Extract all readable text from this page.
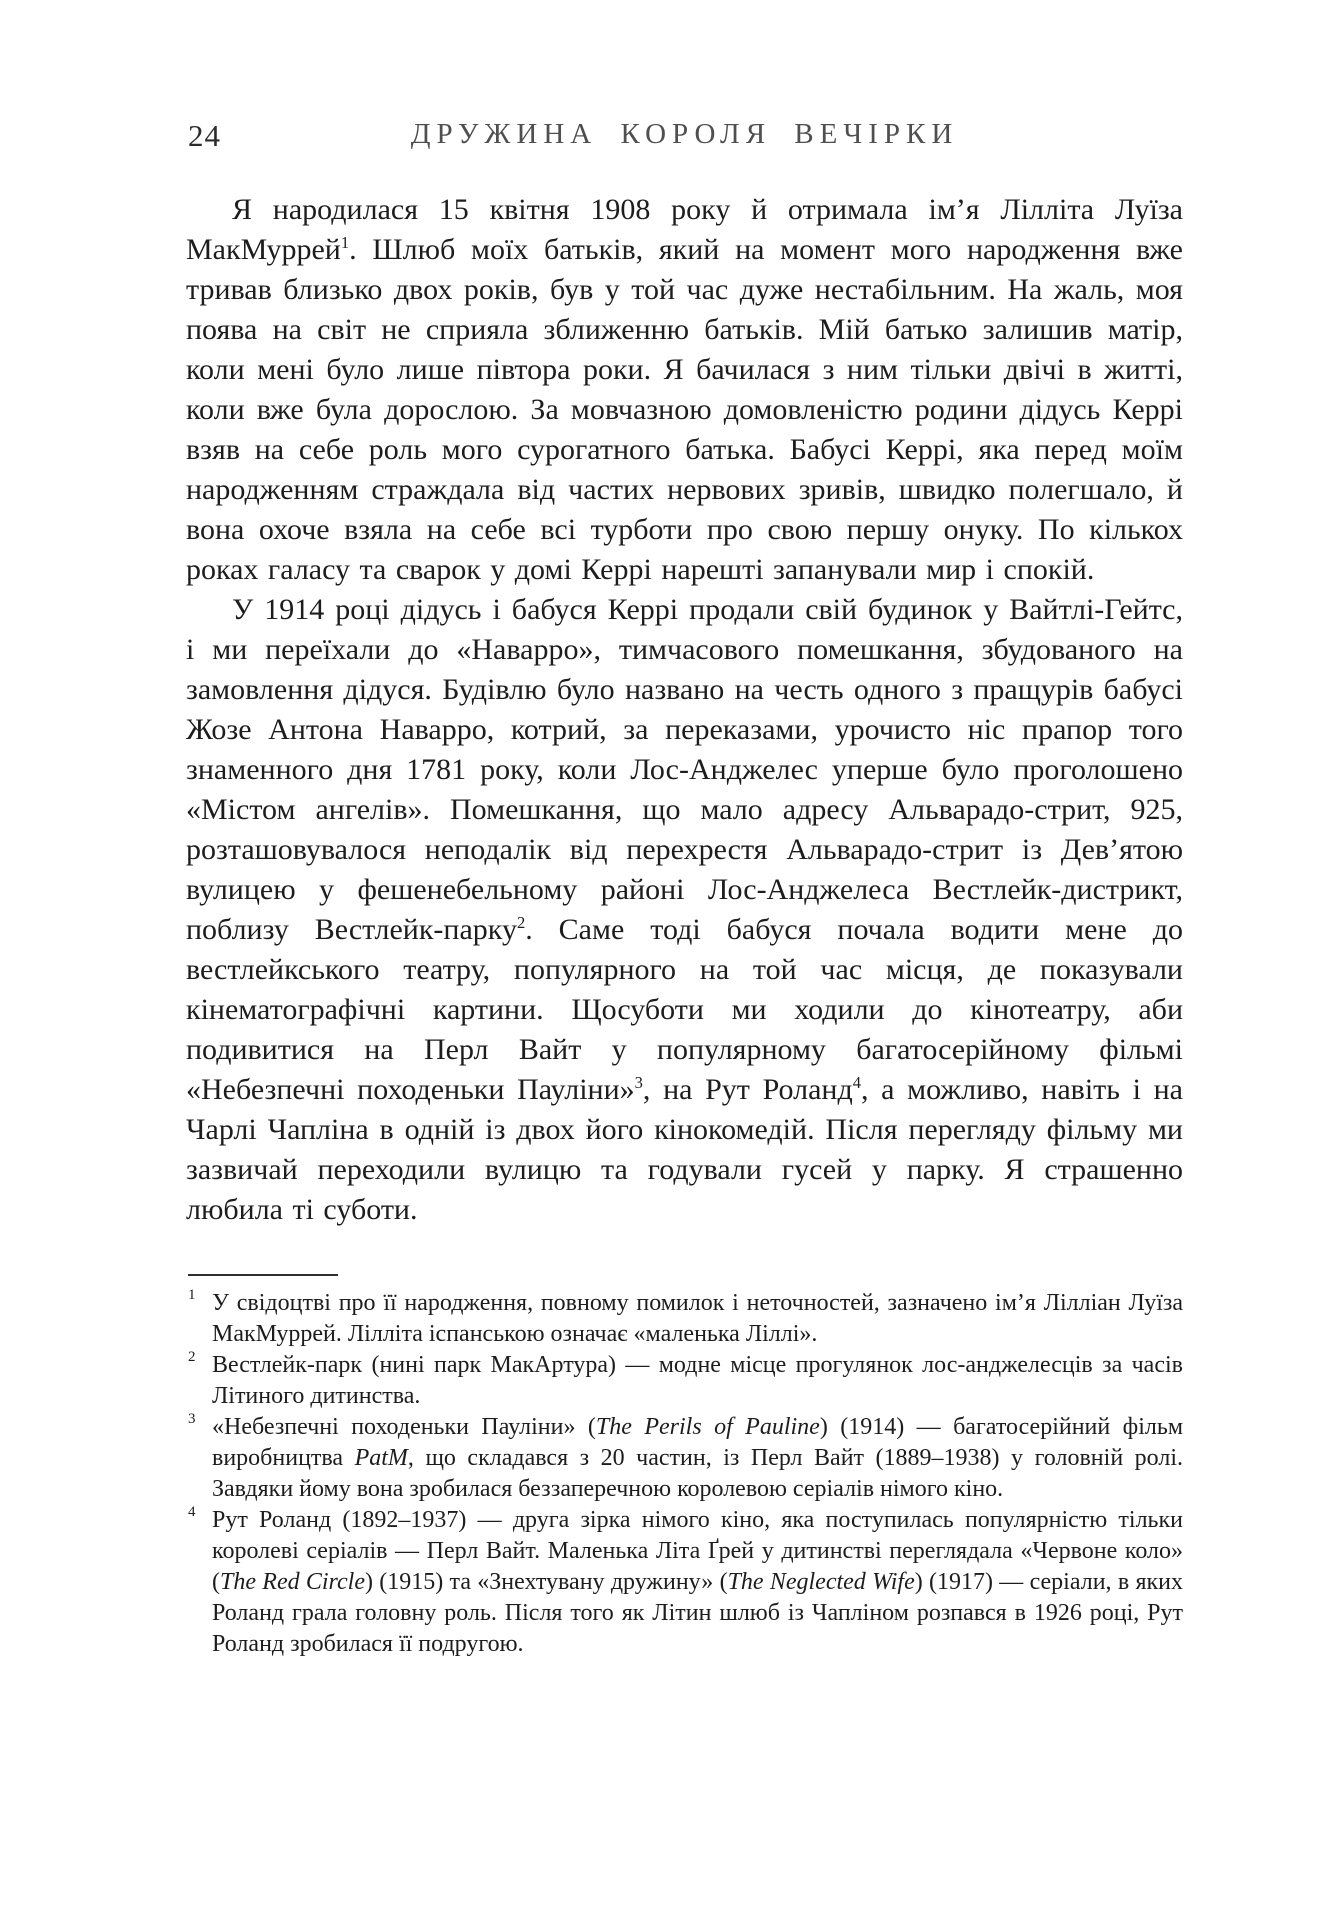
24	ДРУЖИНА КОРОЛЯ ВЕЧІРКИ

Я народилася 15 квітня 1908 року й отримала ім’я Лілліта Луїза МакМуррей$^1$. Шлюб моїх батьків, який на момент мого народження вже тривав близько двох років, був у той час дуже нестабільним. На жаль, моя поява на світ не сприяла зближенню батьків. Мій батько залишив матір, коли мені було лише півтора роки. Я бачилася з ним тільки двічі в житті, коли вже була дорослою. За мовчазною домовленістю родини дідусь Керрі взяв на себе роль мого сурогатного батька. Бабусі Керрі, яка перед моїм народженням страждала від частих нервових зривів, швидко полегшало, й вона охоче взяла на себе всі турботи про свою першу онуку. По кількох роках галасу та сварок у домі Керрі нарешті запанували мир і спокій.

У 1914 році дідусь і бабуся Керрі продали свій будинок у Вайтлі-Гейтс, і ми переїхали до «Наварро», тимчасового помешкання, збудованого на замовлення дідуся. Будівлю було названо на честь одного з пращурів бабусі Жозе Антона Наварро, котрий, за переказами, урочисто ніс прапор того знаменного дня 1781 року, коли Лос-Анджелес уперше було проголошено «Містом ангелів». Помешкання, що мало адресу Альварадо-стрит, 925, розташовувалося неподалік від перехрестя Альварадо-стрит із Дев’ятою вулицею у фешенебельному районі Лос-Анджелеса Вестлейк-дистрикт, поблизу Вестлейк-парку$^2$. Саме тоді бабуся почала водити мене до вестлейкського театру, популярного на той час місця, де показували кінематографічні картини. Щосуботи ми ходили до кінотеатру, аби подивитися на Перл Вайт у популярному багатосерійному фільмі «Небезпечні походеньки Пауліни»$^3$, на Рут Роланд$^4$, а можливо, навіть і на Чарлі Чапліна в одній із двох його кінокомедій. Після перегляду фільму ми зазвичай переходили вулицю та годували гусей у парку. Я страшенно любила ті суботи.

1 У свідоцтві про її народження, повному помилок і неточностей, зазначено ім’я Лілліан Луїза МакМуррей. Лілліта іспанською означає «маленька Ліллі».
2 Вестлейк-парк (нині парк МакАртура) — модне місце прогулянок лос-анджелесців за часів Літиного дитинства.
3 «Небезпечні походеньки Пауліни» (The Perils of Pauline) (1914) — багатосерійний фільм виробництва PatM, що складався з 20 частин, із Перл Вайт (1889–1938) у головній ролі. Завдяки йому вона зробилася беззаперечною королевою серіалів німого кіно.
4 Рут Роланд (1892–1937) — друга зірка німого кіно, яка поступилась популярністю тільки королеві серіалів — Перл Вайт. Маленька Літа Ґрей у дитинстві переглядала «Червоне коло» (The Red Circle) (1915) та «Знехтувану дружину» (The Neglected Wife) (1917) — серіали, в яких Роланд грала головну роль. Після того як Літин шлюб із Чапліном розпався в 1926 році, Рут Роланд зробилася її подругою.
